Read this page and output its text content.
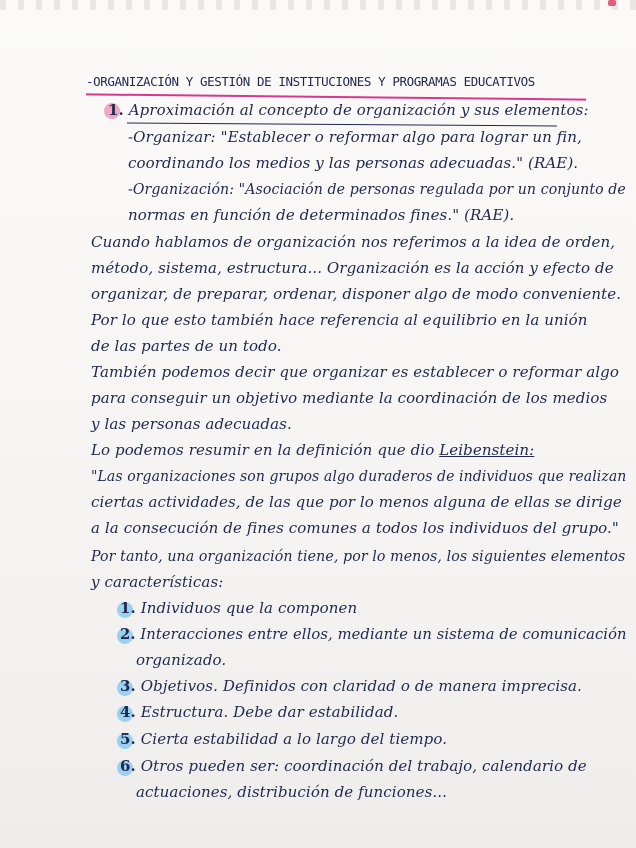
-ORGANIZACIÓN Y GESTIÓN DE INSTITUCIONES Y PROGRAMAS EDUCATIVOS
1. Aproximación al concepto de organización y sus elementos:
-Organizar: "Establecer o reformar algo para lograr un fin,
coordinando los medios y las personas adecuadas." (RAE).
-Organización: "Asociación de personas regulada por un conjunto de
normas en función de determinados fines." (RAE).
Cuando hablamos de organización nos referimos a la idea de orden,
método, sistema, estructura... Organización es la acción y efecto de
organizar, de preparar, ordenar, disponer algo de modo conveniente.
Por lo que esto también hace referencia al equilibrio en la unión
de las partes de un todo.
También podemos decir que organizar es establecer o reformar algo
para conseguir un objetivo mediante la coordinación de los medios
y las personas adecuadas.
Lo podemos resumir en la definición que dio Leibenstein:
"Las organizaciones son grupos algo duraderos de individuos que realizan
ciertas actividades, de las que por lo menos alguna de ellas se dirige
a la consecución de fines comunes a todos los individuos del grupo."
Por tanto, una organización tiene, por lo menos, los siguientes elementos
y características:
1. Individuos que la componen
2. Interacciones entre ellos, mediante un sistema de comunicación
organizado.
3. Objetivos. Definidos con claridad o de manera imprecisa.
4. Estructura. Debe dar estabilidad.
5. Cierta estabilidad a lo largo del tiempo.
6. Otros pueden ser: coordinación del trabajo, calendario de
actuaciones, distribución de funciones...
